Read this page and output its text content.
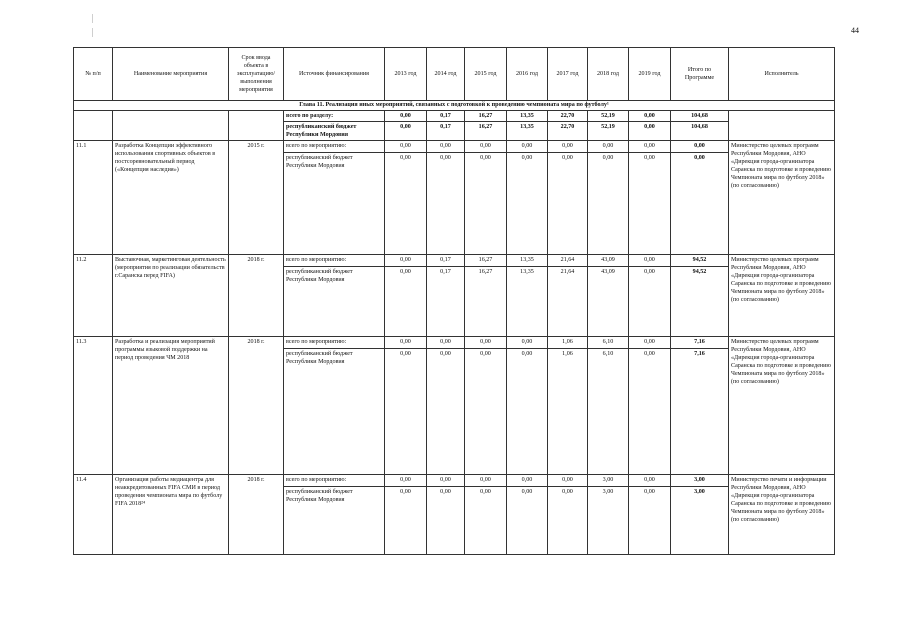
44
№ п/п	Наименование мероприятия	Срок ввода объекта в эксплуатацию/ выполнения мероприятия	Источник финансирования	2013 год	2014 год	2015 год	2016 год	2017 год	2018 год	2019 год	Итого по Программе	Исполнитель
Глава 11. Реализация иных мероприятий, связанных с подготовкой к проведению чемпионата мира по футболу¹												
			всего по разделу:	0,00	0,17	16,27	13,35	22,70	52,19	0,00	104,68	
			республиканский бюджет Республики Мордовия	0,00	0,17	16,27	13,35	22,70	52,19	0,00	104,68	
11.1	Разработка Концепции эффективного использования спортивных объектов в постсоревновательный период («Концепция наследия»)	2015 г.	всего по мероприятию:	0,00	0,00	0,00	0,00	0,00	0,00	0,00	0,00	Министерство целевых программ Республики Мордовия, АНО «Дирекция города-организатора Саранска по подготовке и проведению Чемпионата мира по футболу 2018» (по согласованию)
			республиканский бюджет Республики Мордовия	0,00	0,00	0,00	0,00	0,00	0,00	0,00	0,00	
11.2	Выставочная, маркетинговая деятельность (мероприятия по реализации обязательств г.Саранска перед FIFA)	2018 г.	всего по мероприятию:	0,00	0,17	16,27	13,35	21,64	43,09	0,00	94,52	Министерство целевых программ Республики Мордовия, АНО «Дирекция города-организатора Саранска по подготовке и проведению Чемпионата мира по футболу 2018» (по согласованию)
			республиканский бюджет Республики Мордовия	0,00	0,17	16,27	13,35	21,64	43,09	0,00	94,52	
11.3	Разработка и реализация мероприятий программы языковой поддержки на период проведения ЧМ 2018	2018 г.	всего по мероприятию:	0,00	0,00	0,00	0,00	1,06	6,10	0,00	7,16	Министерство целевых программ Республики Мордовия, АНО «Дирекция города-организатора Саранска по подготовке и проведению Чемпионата мира по футболу 2018» (по согласованию)
			республиканский бюджет Республики Мордовия	0,00	0,00	0,00	0,00	1,06	6,10	0,00	7,16	
11.4	Организация работы медиацентра для неаккредитованных FIFA СМИ в период проведения чемпионата мира по футболу FIFA 2018²⁴	2018 г.	всего по мероприятию:	0,00	0,00	0,00	0,00	0,00	3,00	0,00	3,00	Министерство печати и информации Республики Мордовия, АНО «Дирекция города-организатора Саранска по подготовке и проведению Чемпионата мира по футболу 2018» (по согласованию)
			республиканский бюджет Республики Мордовия	0,00	0,00	0,00	0,00	0,00	3,00	0,00	3,00	
